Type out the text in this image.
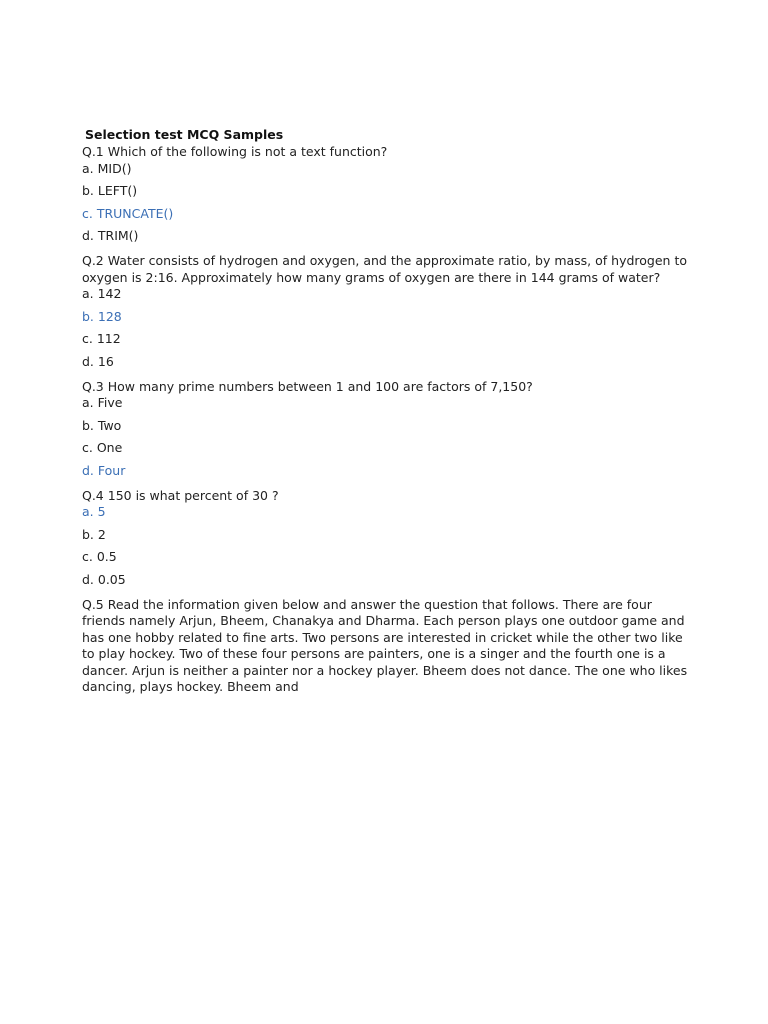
Selection test MCQ Samples

Q.1 Which of the following is not a text function?

a. MID()
b. LEFT()
c. TRUNCATE()
d. TRIM()

Q.2 Water consists of hydrogen and oxygen, and the approximate ratio, by mass, of hydrogen to oxygen is 2:16. Approximately how many grams of oxygen are there in 144 grams of water?

a. 142
b. 128
c. 112
d. 16

Q.3 How many prime numbers between 1 and 100 are factors of 7,150?

a. Five
b. Two
c. One
d. Four

Q.4 150 is what percent of 30 ?

a. 5
b. 2
c. 0.5
d. 0.05

Q.5 Read the information given below and answer the question that follows. There are four friends namely Arjun, Bheem, Chanakya and Dharma. Each person plays one outdoor game and has one hobby related to fine arts. Two persons are interested in cricket while the other two like to play hockey. Two of these four persons are painters, one is a singer and the fourth one is a dancer. Arjun is neither a painter nor a hockey player. Bheem does not dance. The one who likes dancing, plays hockey. Bheem and
